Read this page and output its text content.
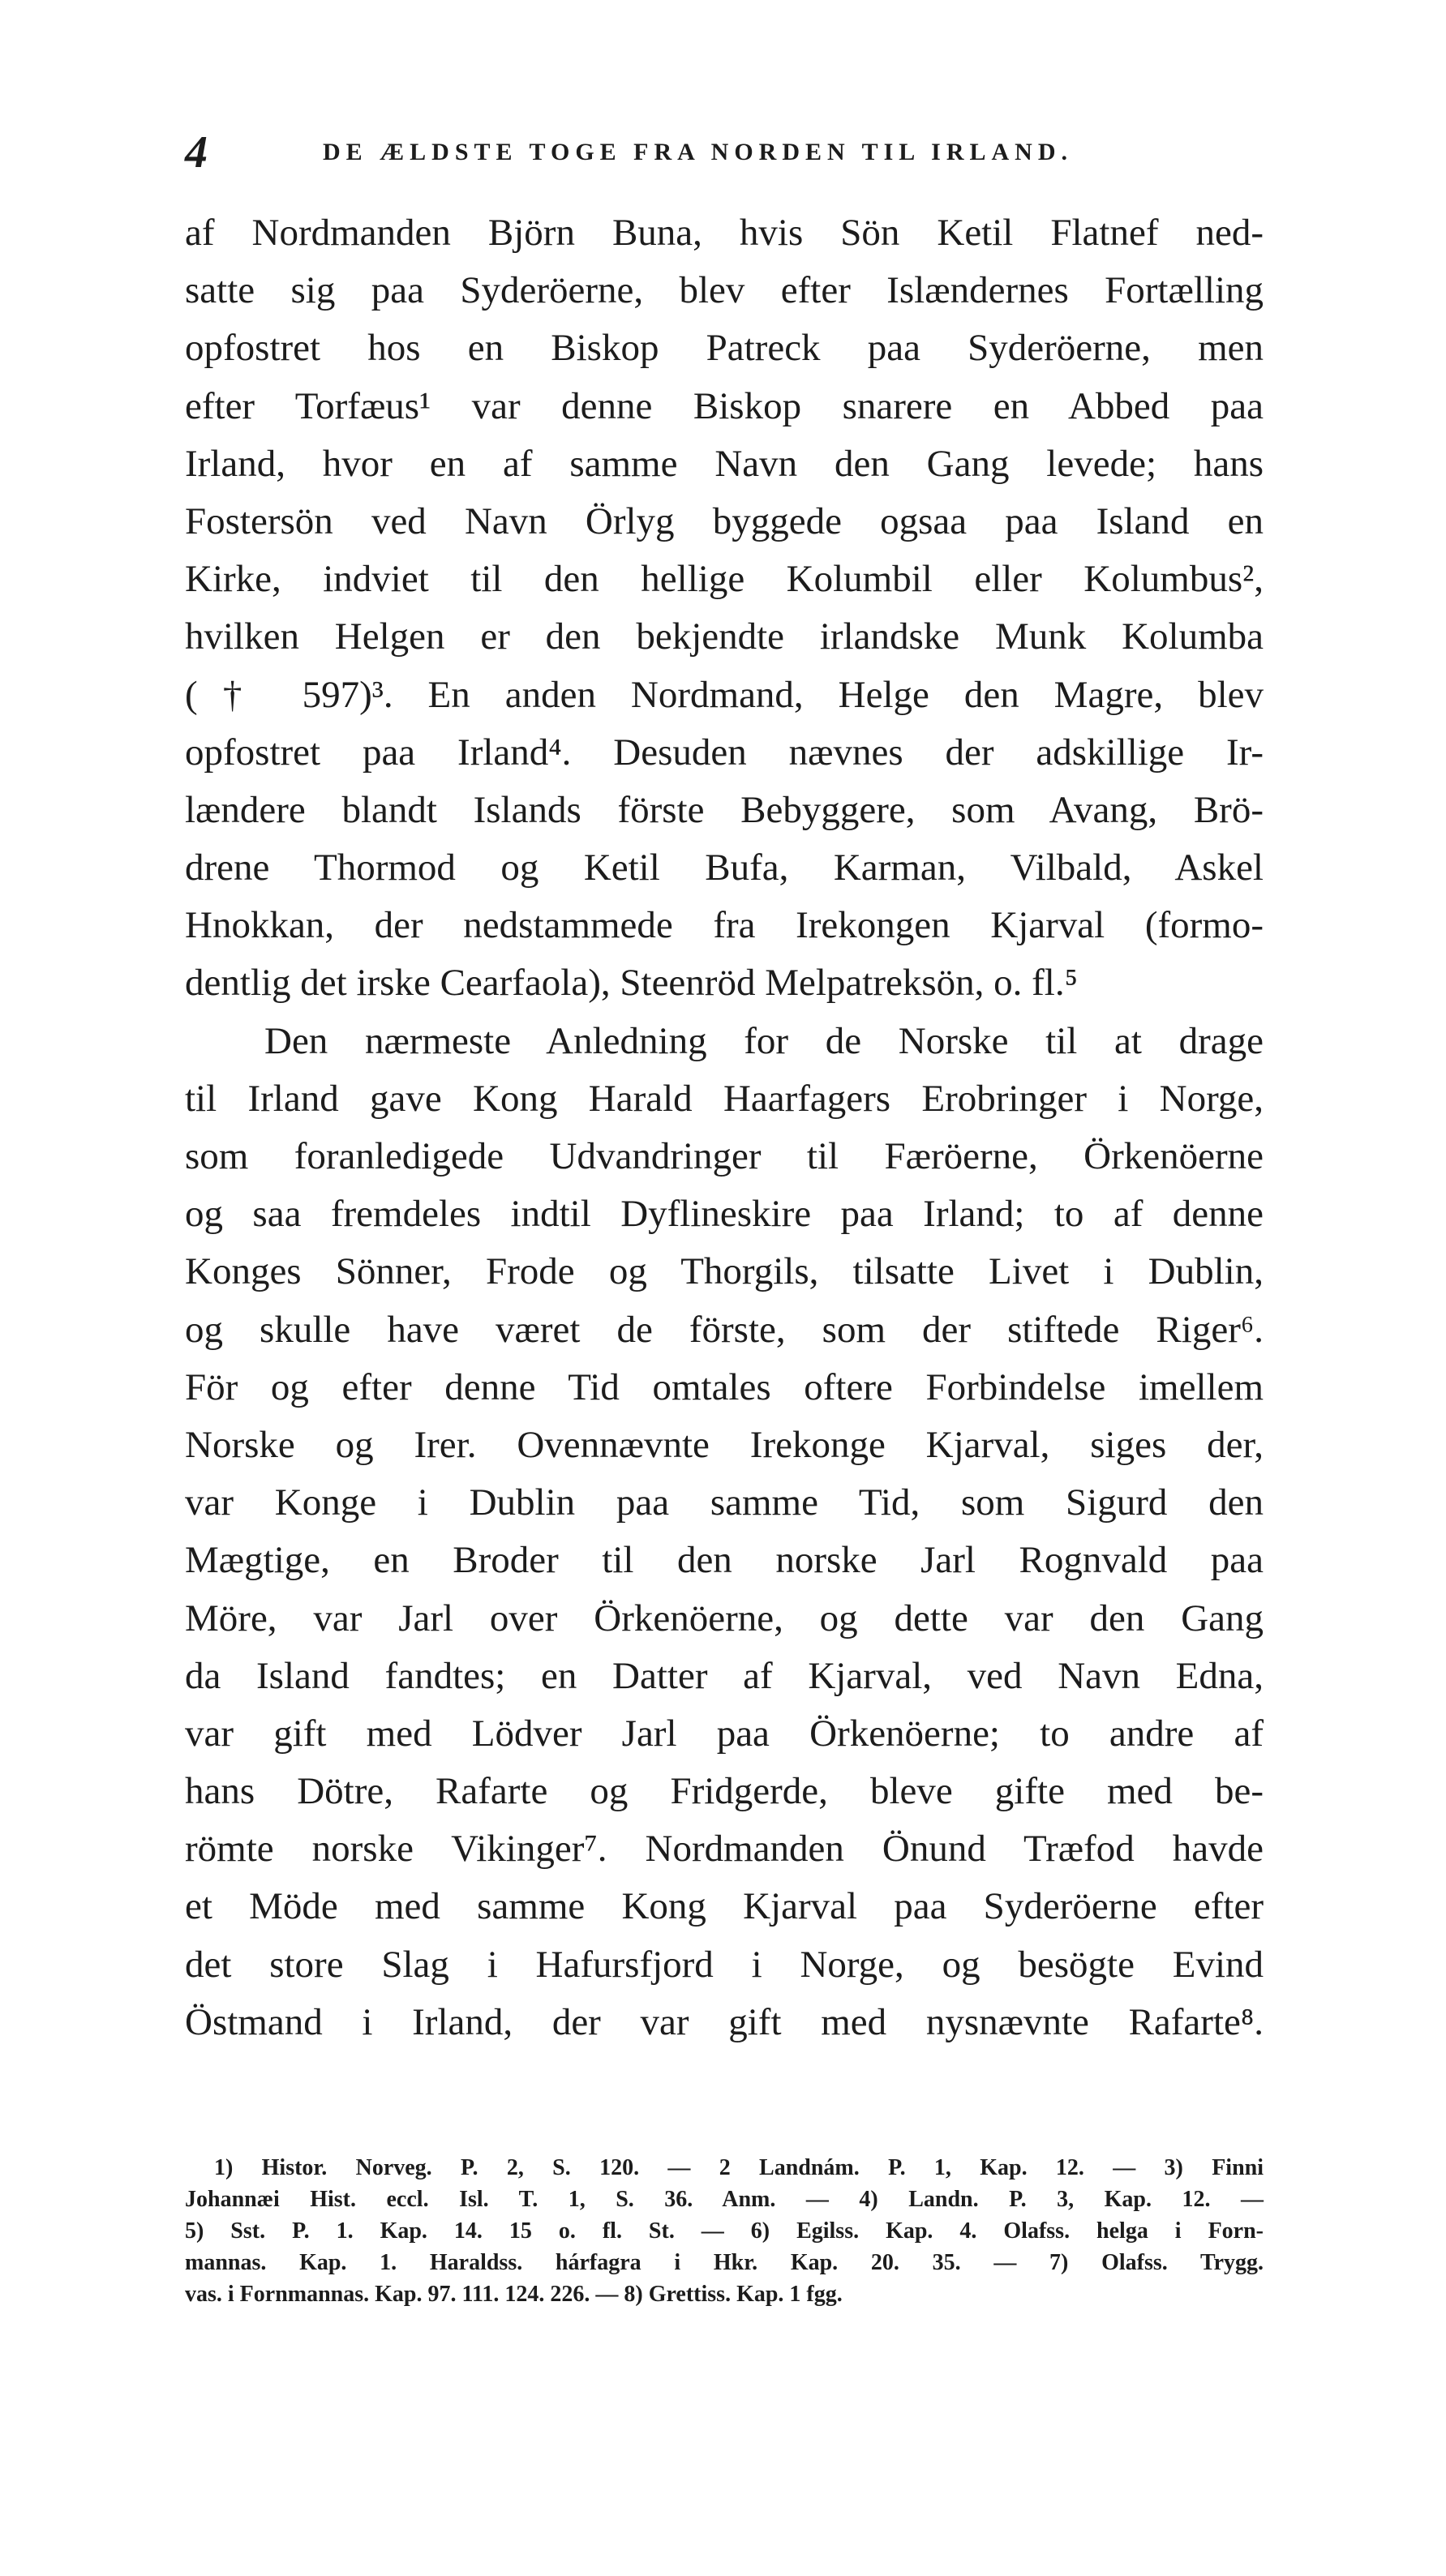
4	DE ÆLDSTE TOGE FRA NORDEN TIL IRLAND.
af Nordmanden Björn Buna, hvis Sön Ketil Flatnef ned-
satte sig paa Syderöerne, blev efter Islændernes Fortælling
opfostret hos en Biskop Patreck paa Syderöerne, men
efter Torfæus¹ var denne Biskop snarere en Abbed paa
Irland, hvor en af samme Navn den Gang levede; hans
Fostersön ved Navn Örlyg byggede ogsaa paa Island en
Kirke, indviet til den hellige Kolumbil eller Kolumbus²,
hvilken Helgen er den bekjendte irlandske Munk Kolumba
(† 597)³. En anden Nordmand, Helge den Magre, blev
opfostret paa Irland⁴. Desuden nævnes der adskillige Ir-
lændere blandt Islands förste Bebyggere, som Avang, Brö-
drene Thormod og Ketil Bufa, Karman, Vilbald, Askel
Hnokkan, der nedstammede fra Irekongen Kjarval (formo-
dentlig det irske Cearfaola), Steenröd Melpatreksön, o. fl.⁵
Den nærmeste Anledning for de Norske til at drage
til Irland gave Kong Harald Haarfagers Erobringer i Norge,
som foranledigede Udvandringer til Færöerne, Örkenöerne
og saa fremdeles indtil Dyflineskire paa Irland; to af denne
Konges Sönner, Frode og Thorgils, tilsatte Livet i Dublin,
og skulle have været de förste, som der stiftede Riger⁶.
För og efter denne Tid omtales oftere Forbindelse imellem
Norske og Irer. Ovennævnte Irekonge Kjarval, siges der,
var Konge i Dublin paa samme Tid, som Sigurd den
Mægtige, en Broder til den norske Jarl Rognvald paa
Möre, var Jarl over Örkenöerne, og dette var den Gang
da Island fandtes; en Datter af Kjarval, ved Navn Edna,
var gift med Lödver Jarl paa Örkenöerne; to andre af
hans Dötre, Rafarte og Fridgerde, bleve gifte med be-
römte norske Vikinger⁷. Nordmanden Önund Træfod havde
et Möde med samme Kong Kjarval paa Syderöerne efter
det store Slag i Hafursfjord i Norge, og besögte Evind
Östmand i Irland, der var gift med nysnævnte Rafarte⁸.
1) Histor. Norveg. P. 2, S. 120. — 2 Landnám. P. 1, Kap. 12. — 3) Finni
Johannæi Hist. eccl. Isl. T. 1, S. 36. Anm. — 4) Landn. P. 3, Kap. 12. —
5) Sst. P. 1. Kap. 14. 15 o. fl. St. — 6) Egilss. Kap. 4. Olafss. helga i Forn-
mannas. Kap. 1. Haraldss. hárfagra i Hkr. Kap. 20. 35. — 7) Olafss. Trygg.
vas. i Fornmannas. Kap. 97. 111. 124. 226. — 8) Grettiss. Kap. 1 fgg.
